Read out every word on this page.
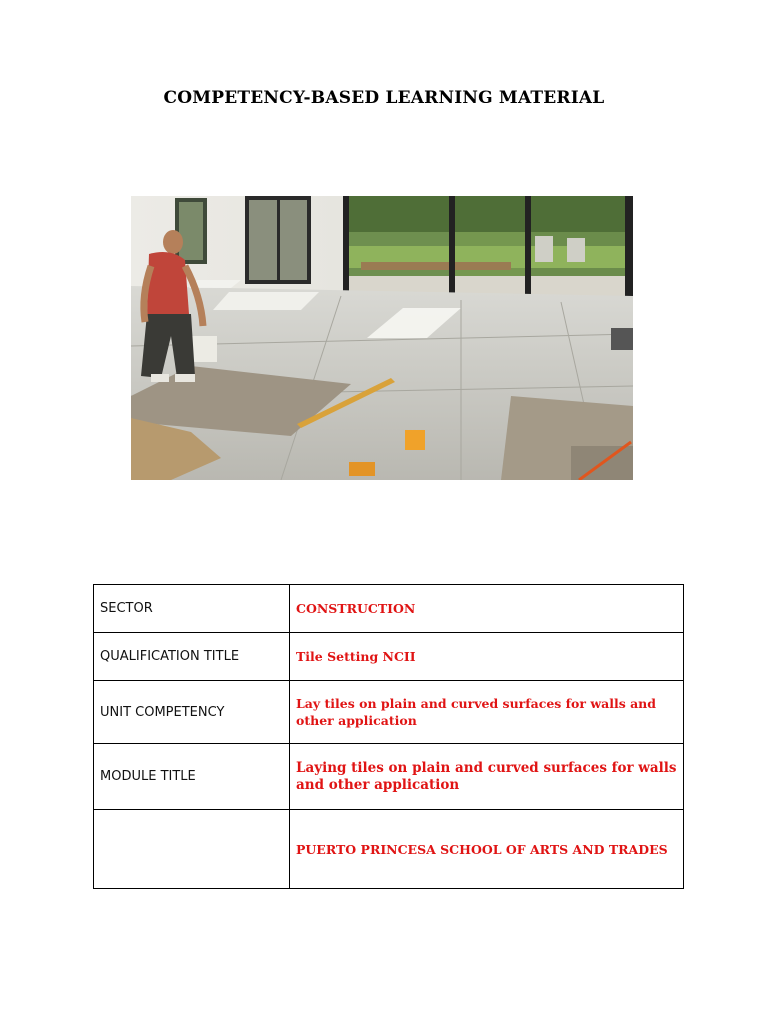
COMPETENCY-BASED LEARNING MATERIAL
SECTOR	CONSTRUCTION
QUALIFICATION TITLE	Tile Setting NCII
UNIT COMPETENCY	Lay tiles on plain and curved surfaces for walls and other application
MODULE TITLE	Laying tiles on plain and curved surfaces for walls and other application
	PUERTO PRINCESA SCHOOL OF ARTS AND TRADES
